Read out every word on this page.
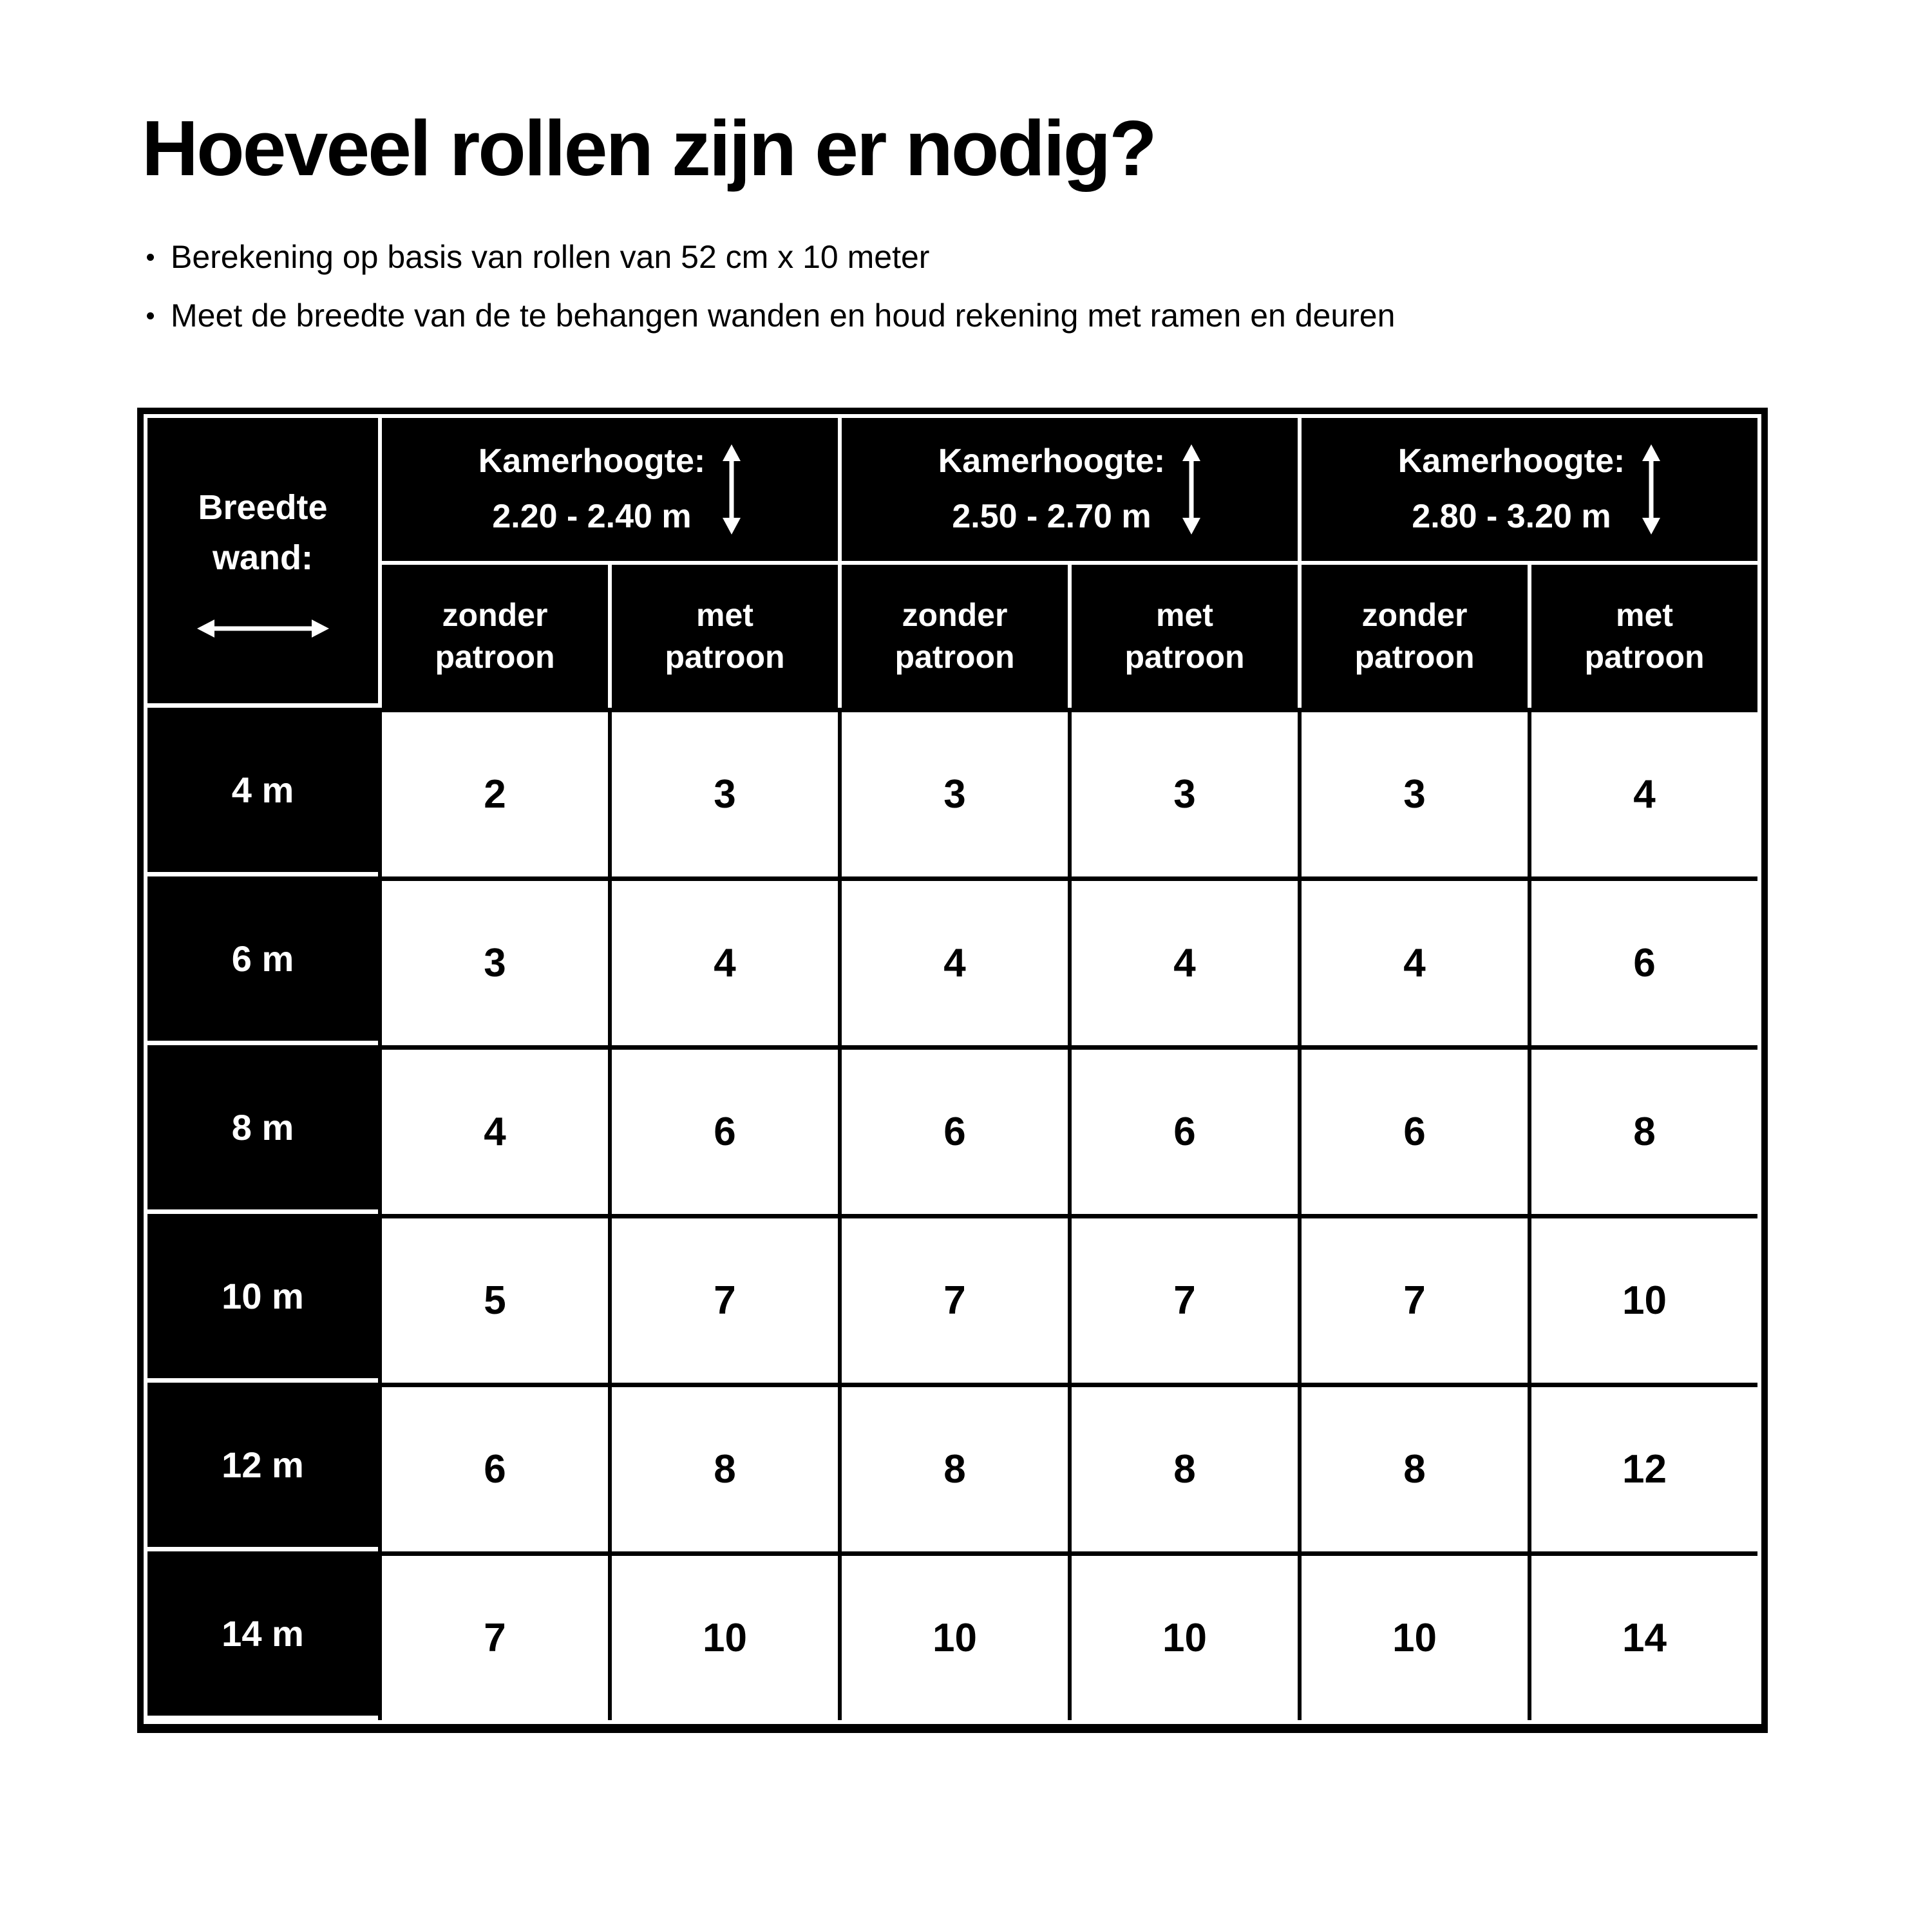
Hoeveel rollen zijn er nodig?
Berekening op basis van rollen van 52 cm x 10 meter
Meet de breedte van de te behangen wanden en houd rekening met ramen en deuren
Breedte
wand:
Kamerhoogte:
2.20 - 2.40 m
Kamerhoogte:
2.50 - 2.70 m
Kamerhoogte:
2.80 - 3.20 m
zonder patroon
met patroon
zonder patroon
met patroon
zonder patroon
met patroon
4 m	2	3	3	3	3	4
6 m	3	4	4	4	4	6
8 m	4	6	6	6	6	8
10 m	5	7	7	7	7	10
12 m	6	8	8	8	8	12
14 m	7	10	10	10	10	14
